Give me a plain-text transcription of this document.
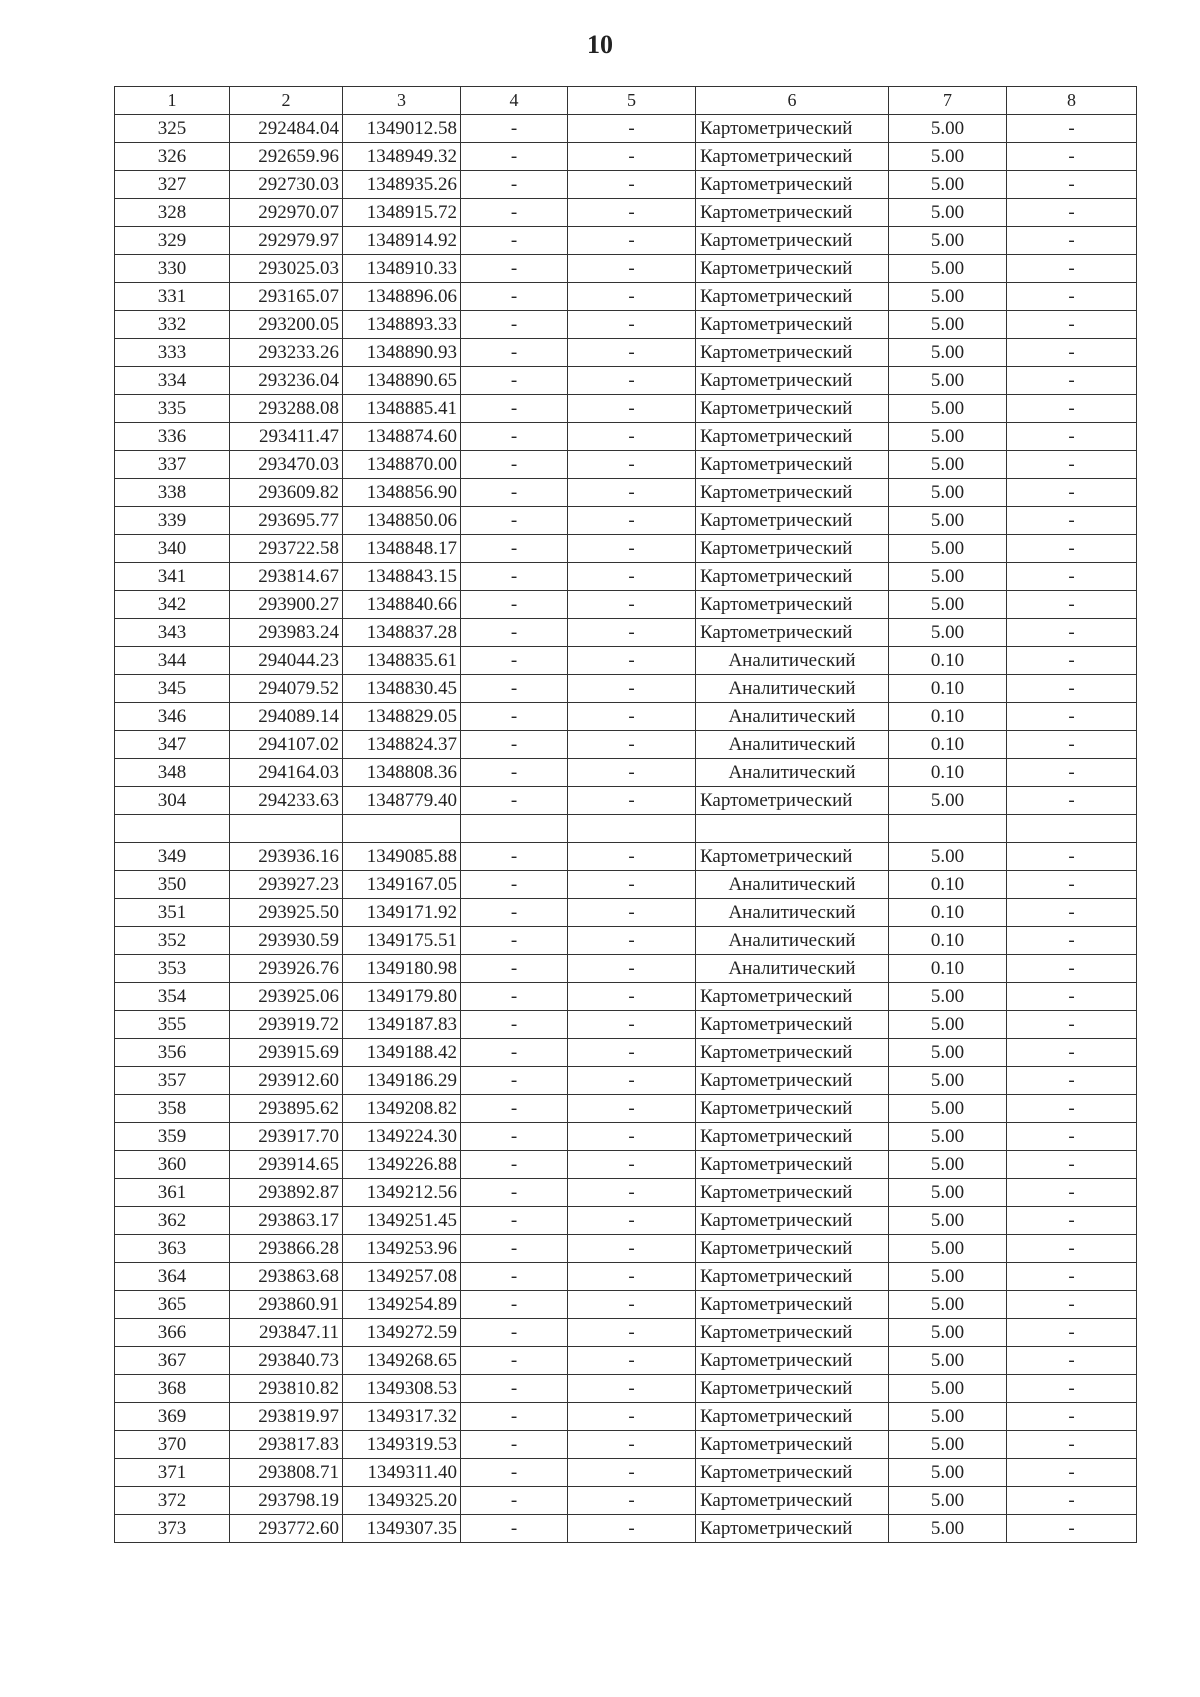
10
1	2	3	4	5	6	7	8
325	292484.04	1349012.58	-	-	Картометрический	5.00	-
326	292659.96	1348949.32	-	-	Картометрический	5.00	-
327	292730.03	1348935.26	-	-	Картометрический	5.00	-
328	292970.07	1348915.72	-	-	Картометрический	5.00	-
329	292979.97	1348914.92	-	-	Картометрический	5.00	-
330	293025.03	1348910.33	-	-	Картометрический	5.00	-
331	293165.07	1348896.06	-	-	Картометрический	5.00	-
332	293200.05	1348893.33	-	-	Картометрический	5.00	-
333	293233.26	1348890.93	-	-	Картометрический	5.00	-
334	293236.04	1348890.65	-	-	Картометрический	5.00	-
335	293288.08	1348885.41	-	-	Картометрический	5.00	-
336	293411.47	1348874.60	-	-	Картометрический	5.00	-
337	293470.03	1348870.00	-	-	Картометрический	5.00	-
338	293609.82	1348856.90	-	-	Картометрический	5.00	-
339	293695.77	1348850.06	-	-	Картометрический	5.00	-
340	293722.58	1348848.17	-	-	Картометрический	5.00	-
341	293814.67	1348843.15	-	-	Картометрический	5.00	-
342	293900.27	1348840.66	-	-	Картометрический	5.00	-
343	293983.24	1348837.28	-	-	Картометрический	5.00	-
344	294044.23	1348835.61	-	-	Аналитический	0.10	-
345	294079.52	1348830.45	-	-	Аналитический	0.10	-
346	294089.14	1348829.05	-	-	Аналитический	0.10	-
347	294107.02	1348824.37	-	-	Аналитический	0.10	-
348	294164.03	1348808.36	-	-	Аналитический	0.10	-
304	294233.63	1348779.40	-	-	Картометрический	5.00	-

349	293936.16	1349085.88	-	-	Картометрический	5.00	-
350	293927.23	1349167.05	-	-	Аналитический	0.10	-
351	293925.50	1349171.92	-	-	Аналитический	0.10	-
352	293930.59	1349175.51	-	-	Аналитический	0.10	-
353	293926.76	1349180.98	-	-	Аналитический	0.10	-
354	293925.06	1349179.80	-	-	Картометрический	5.00	-
355	293919.72	1349187.83	-	-	Картометрический	5.00	-
356	293915.69	1349188.42	-	-	Картометрический	5.00	-
357	293912.60	1349186.29	-	-	Картометрический	5.00	-
358	293895.62	1349208.82	-	-	Картометрический	5.00	-
359	293917.70	1349224.30	-	-	Картометрический	5.00	-
360	293914.65	1349226.88	-	-	Картометрический	5.00	-
361	293892.87	1349212.56	-	-	Картометрический	5.00	-
362	293863.17	1349251.45	-	-	Картометрический	5.00	-
363	293866.28	1349253.96	-	-	Картометрический	5.00	-
364	293863.68	1349257.08	-	-	Картометрический	5.00	-
365	293860.91	1349254.89	-	-	Картометрический	5.00	-
366	293847.11	1349272.59	-	-	Картометрический	5.00	-
367	293840.73	1349268.65	-	-	Картометрический	5.00	-
368	293810.82	1349308.53	-	-	Картометрический	5.00	-
369	293819.97	1349317.32	-	-	Картометрический	5.00	-
370	293817.83	1349319.53	-	-	Картометрический	5.00	-
371	293808.71	1349311.40	-	-	Картометрический	5.00	-
372	293798.19	1349325.20	-	-	Картометрический	5.00	-
373	293772.60	1349307.35	-	-	Картометрический	5.00	-
